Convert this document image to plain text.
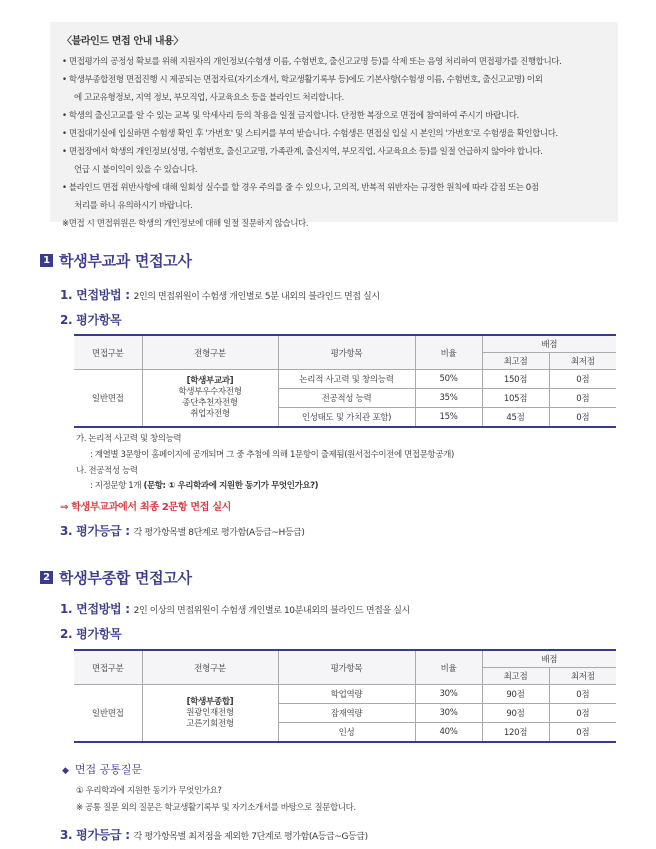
〈블라인드 면접 안내 내용〉
• 면접평가의 공정성 확보를 위해 지원자의 개인정보(수험생 이름, 수험번호, 출신고교명 등)를 삭제 또는 음영 처리하여 면접평가를 진행합니다.
• 학생부종합전형 면접진행 시 제공되는 면접자료(자기소개서, 학교생활기록부 등)에도 기본사항(수험생 이름, 수험번호, 출신고교명) 이외
에 고교유형정보, 지역 정보, 부모직업, 사교육요소 등을 블라인드 처리합니다.
• 학생의 출신고교를 알 수 있는 교복 및 악세사리 등의 착용을 일절 금지합니다. 단정한 복장으로 면접에 참여하여 주시기 바랍니다.
• 면접대기실에 입실하면 수험생 확인 후 '가번호' 및 스티커를 부여 받습니다. 수험생은 면접실 입실 시 본인의 '가번호'로 수험생을 확인합니다.
• 면접장에서 학생의 개인정보(성명, 수험번호, 출신고교명, 가족관계, 출신지역, 부모직업, 사교육요소 등)를 일절 언급하지 않아야 합니다.
언급 시 불이익이 있을 수 있습니다.
• 블라인드 면접 위반사항에 대해 일회성 실수를 할 경우 주의를 줄 수 있으나, 고의적, 반복적 위반자는 규정한 원칙에 따라 감점 또는 0점
처리를 하니 유의하시기 바랍니다.
※면접 시 면접위원은 학생의 개인정보에 대해 일절 질문하지 않습니다.
1 학생부교과 면접고사
1. 면접방법 : 2인의 면접위원이 수험생 개인별로 5분 내외의 블라인드 면접 실시
2. 평가항목
면접구분	전형구분	평가항목	비율	배점	
				최고점	최저점
일반면접	[학생부교과]
학생부우수자전형
종단추천자전형
취업자전형	논리적 사고력 및 창의능력	50%	150점	0점
		전공적성 능력	35%	105점	0점
		인성태도 및 가치관 포함)	15%	45점	0점
가. 논리적 사고력 및 창의능력
: 계열별 3문항이 홈페이지에 공개되며 그 중 추첨에 의해 1문항이 출제됨(원서접수이전에 면접문항공개)
나. 전공적성 능력
: 지정문항 1개 (문항: ① 우리학과에 지원한 동기가 무엇인가요?)
⇒ 학생부교과에서 최종 2문항 면접 실시
3. 평가등급 : 각 평가항목별 8단계로 평가함(A등급~H등급)
2 학생부종합 면접고사
1. 면접방법 : 2인 이상의 면접위원이 수험생 개인별로 10분내외의 블라인드 면접을 실시
2. 평가항목
면접구분	전형구분	평가항목	비율	배점	
				최고점	최저점
일반면접	[학생부종합]
원광인재전형
고른기회전형	학업역량	30%	90점	0점
		잠재역량	30%	90점	0점
		인성	40%	120점	0점
◆ 면접 공통질문
① 우리학과에 지원한 동기가 무엇인가요?
※ 공통 질문 외의 질문은 학교생활기록부 및 자기소개서를 바탕으로 질문합니다.
3. 평가등급 : 각 평가항목별 최저점을 제외한 7단계로 평가함(A등급~G등급)
